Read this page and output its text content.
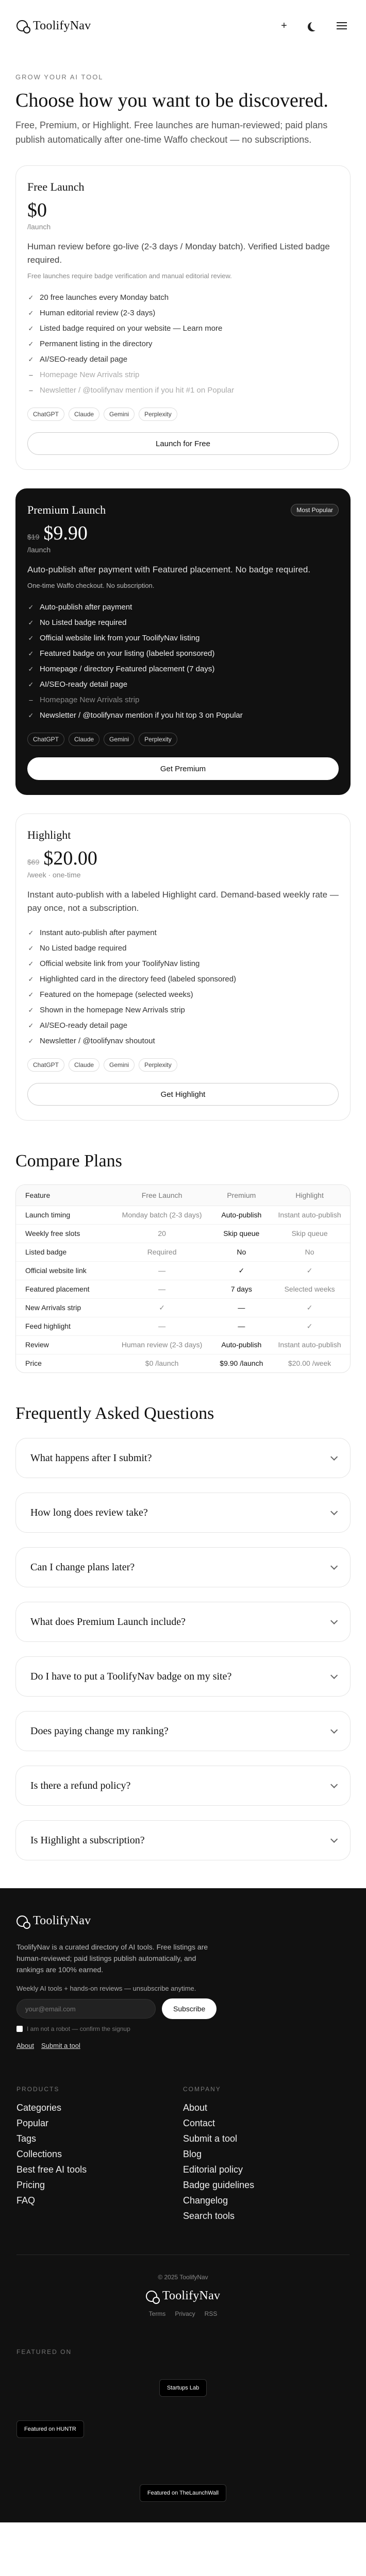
ToolifyNav	+
GROW YOUR AI TOOL
Choose how you want to be discovered.

Free, Premium, or Highlight. Free launches are human-reviewed; paid plans publish automatically after one-time Waffo checkout — no subscriptions.

Free Launch
$0
/launch

Human review before go-live (2-3 days / Monday batch). Verified Listed badge required.

Free launches require badge verification and manual editorial review.

✓ 20 free launches every Monday batch
✓ Human editorial review (2-3 days)
✓ Listed badge required on your website — Learn more
✓ Permanent listing in the directory
✓ AI/SEO-ready detail page
– Homepage New Arrivals strip
– Newsletter / @toolifynav mention if you hit #1 on Popular
ChatGPT	Claude	Gemini	Perplexity
Launch for Free
Premium Launch	Most Popular
$19 $9.90
/launch

Auto-publish after payment with Featured placement. No badge required.

One-time Waffo checkout. No subscription.

✓ Auto-publish after payment
✓ No Listed badge required
✓ Official website link from your ToolifyNav listing
✓ Featured badge on your listing (labeled sponsored)
✓ Homepage / directory Featured placement (7 days)
✓ AI/SEO-ready detail page
– Homepage New Arrivals strip
✓ Newsletter / @toolifynav mention if you hit top 3 on Popular
ChatGPT	Claude	Gemini	Perplexity
Get Premium
Highlight
$69 $20.00
/week · one-time

Instant auto-publish with a labeled Highlight card. Demand-based weekly rate — pay once, not a subscription.

✓ Instant auto-publish after payment
✓ No Listed badge required
✓ Official website link from your ToolifyNav listing
✓ Highlighted card in the directory feed (labeled sponsored)
✓ Featured on the homepage (selected weeks)
✓ Shown in the homepage New Arrivals strip
✓ AI/SEO-ready detail page
✓ Newsletter / @toolifynav shoutout
ChatGPT	Claude	Gemini	Perplexity
Get Highlight
Compare Plans
Feature	Free Launch	Premium	Highlight
Launch timing	Monday batch (2-3 days)	Auto-publish	Instant auto-publish
Weekly free slots	20	Skip queue	Skip queue
Listed badge	Required	No	No
Official website link	—	✓	✓
Featured placement	—	7 days	Selected weeks
New Arrivals strip	✓	—	✓
Feed highlight	—	—	✓
Review	Human review (2-3 days)	Auto-publish	Instant auto-publish
Price	$0 /launch	$9.90 /launch	$20.00 /week
Frequently Asked Questions
What happens after I submit?
How long does review take?
Can I change plans later?
What does Premium Launch include?
Do I have to put a ToolifyNav badge on my site?
Does paying change my ranking?
Is there a refund policy?
Is Highlight a subscription?
ToolifyNav

ToolifyNav is a curated directory of AI tools. Free listings are human-reviewed; paid listings publish automatically, and rankings are 100% earned.

Weekly AI tools + hands-on reviews — unsubscribe anytime.

your@email.com
Subscribe
I am not a robot — confirm the signup
About Submit a tool
PRODUCTS
Categories
Popular
Tags
Collections
Best free AI tools
Pricing
FAQ
COMPANY
About
Contact
Submit a tool
Blog
Editorial policy
Badge guidelines
Changelog
Search tools
© 2025 ToolifyNav
ToolifyNav
Terms Privacy RSS
FEATURED ON
Startups Lab
Featured on HUNTR
Featured on TheLaunchWall
